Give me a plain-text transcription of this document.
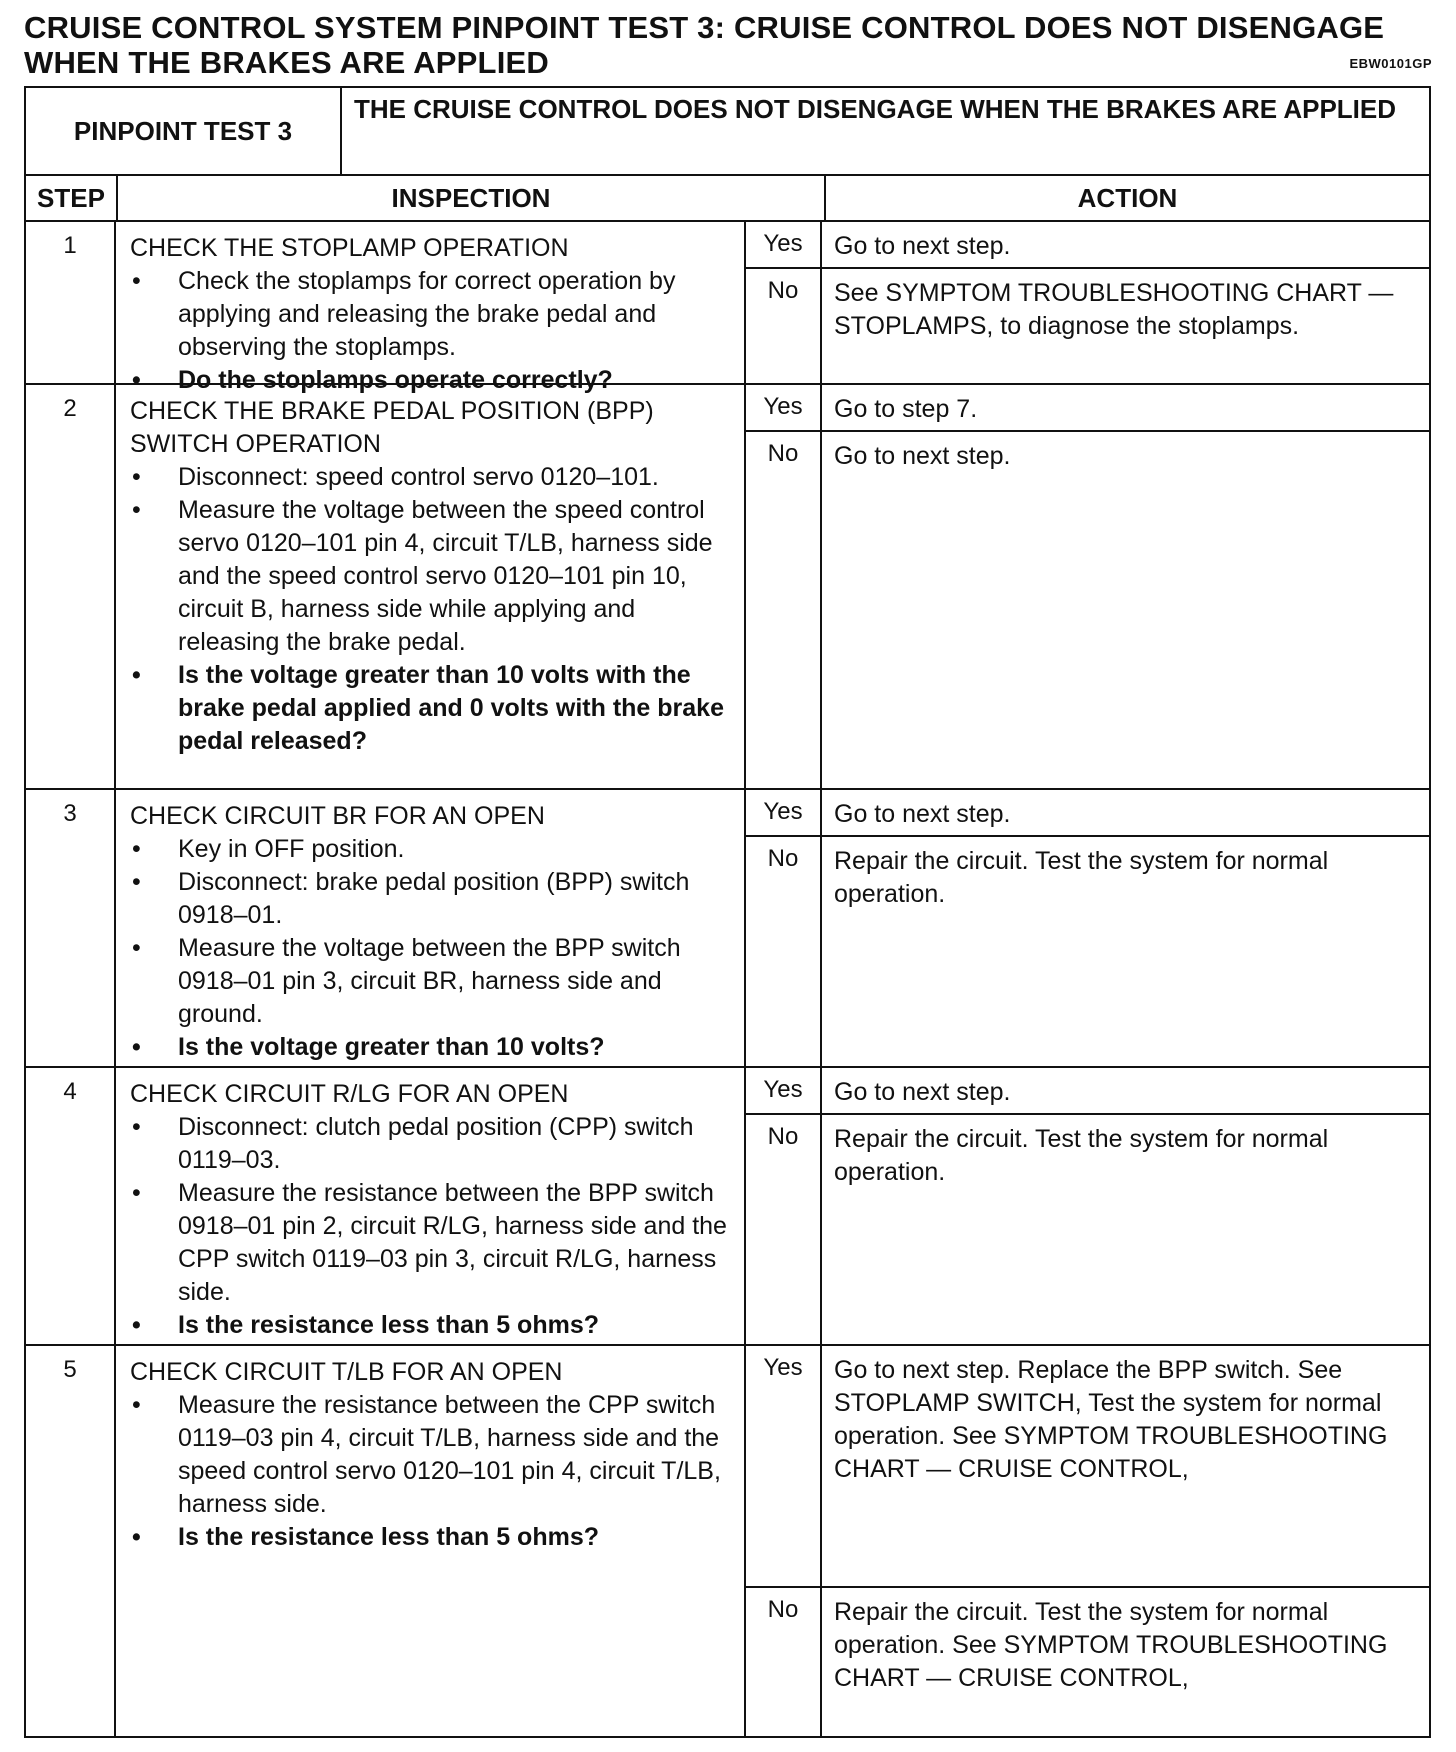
CRUISE CONTROL SYSTEM PINPOINT TEST 3: CRUISE CONTROL DOES NOT DISENGAGE WHEN THE BRAKES ARE APPLIED	EBW0101GP
PINPOINT TEST 3
THE CRUISE CONTROL DOES NOT DISENGAGE WHEN THE BRAKES ARE APPLIED
STEP	INSPECTION	ACTION
1	CHECK THE STOPLAMP OPERATION
• Check the stoplamps for correct operation by applying and releasing the brake pedal and observing the stoplamps.
• Do the stoplamps operate correctly?
Yes	Go to next step.
No	See SYMPTOM TROUBLESHOOTING CHART — STOPLAMPS, to diagnose the stoplamps.
2	CHECK THE BRAKE PEDAL POSITION (BPP) SWITCH OPERATION
• Disconnect: speed control servo 0120–101.
• Measure the voltage between the speed control servo 0120–101 pin 4, circuit T/LB, harness side and the speed control servo 0120–101 pin 10, circuit B, harness side while applying and releasing the brake pedal.
• Is the voltage greater than 10 volts with the brake pedal applied and 0 volts with the brake pedal released?
Yes	Go to step 7.
No	Go to next step.
3	CHECK CIRCUIT BR FOR AN OPEN
• Key in OFF position.
• Disconnect: brake pedal position (BPP) switch 0918–01.
• Measure the voltage between the BPP switch 0918–01 pin 3, circuit BR, harness side and ground.
• Is the voltage greater than 10 volts?
Yes	Go to next step.
No	Repair the circuit. Test the system for normal operation.
4	CHECK CIRCUIT R/LG FOR AN OPEN
• Disconnect: clutch pedal position (CPP) switch 0119–03.
• Measure the resistance between the BPP switch 0918–01 pin 2, circuit R/LG, harness side and the CPP switch 0119–03 pin 3, circuit R/LG, harness side.
• Is the resistance less than 5 ohms?
Yes	Go to next step.
No	Repair the circuit. Test the system for normal operation.
5	CHECK CIRCUIT T/LB FOR AN OPEN
• Measure the resistance between the CPP switch 0119–03 pin 4, circuit T/LB, harness side and the speed control servo 0120–101 pin 4, circuit T/LB, harness side.
• Is the resistance less than 5 ohms?
Yes	Go to next step. Replace the BPP switch. See STOPLAMP SWITCH, Test the system for normal operation. See SYMPTOM TROUBLESHOOTING CHART — CRUISE CONTROL,
No	Repair the circuit. Test the system for normal operation. See SYMPTOM TROUBLESHOOTING CHART — CRUISE CONTROL,
